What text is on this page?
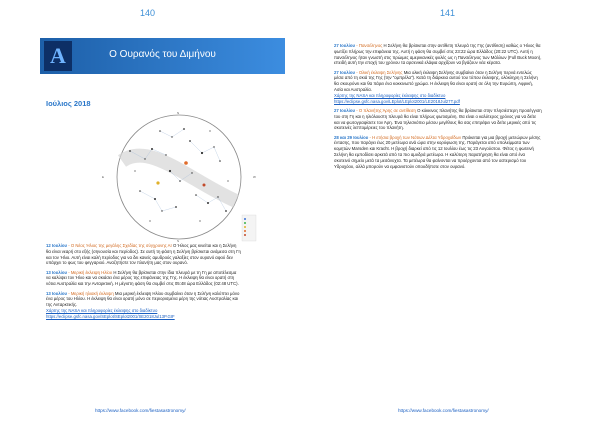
140
A	Ο Ουρανός του Διμήνου
Ιούλιος 2018
N
S
E	W

12 Ιουλίου - Ο Νέος Ήλιος της μεγάλης Σχεδίας της σύγχρονης ΑΙ Ο Ήλιος μας κινείται και η Σελήνη θα είναι νεαρή στο εξής (σηνουσία και περίοδος). Σε αυτή τη φάση η Σελήνη βρίσκεται ανάμεσα στη Γη και τον Ήλιο. Αυτή είναι καλή περίοδος για να δει κανείς αμυδρούς γαλαξίες στον ουρανό αφού δεν υπάρχει το φως του φεγγαριού. Αναζητήστε τον πλανήτη μας στον ουρανό.

13 Ιουλίου - Μερική έκλειψη Ηλίου Η Σελήνη θα βρίσκεται στην ίδια πλευρά με τη Γη με αποτέλεσμα να καλύψει τον Ήλιο και να σκιάσει ένα μέρος της επιφάνειας της Γης. Η έκλειψη θα είναι ορατή στη νότια Αυστραλία και την Ανταρκτική. Η μέγιστη φάση θα συμβεί στις 05:48 ώρα Ελλάδος (02:48 UTC).

13 Ιουλίου - Μερική ηλιακή έκλειψη Μια μερική έκλειψη Ηλίου συμβαίνει όταν η Σελήνη καλύπτει μόνο ένα μέρος του Ηλίου. Η έκλειψη θα είναι ορατή μόνο σε περιορισμένα μέρη της νότιας Αυστραλίας και της Ανταρκτικής.
Χάρτης της NASA και πληροφορίες έκλειψης στο διαδίκτυο
https://eclipse.gsfc.nasa.gov/SEplot/SEplot2001/SE2018Jul13P.GIF

https://www.facebook.com/fiestasastronomy/
141

27 Ιουλίου - Πανσέληνος Η Σελήνη θα βρίσκεται στην αντίθετη πλευρά της Γης (αντίθεση) καθώς ο Ήλιος θα φωτίζει πλήρως την επιφάνεια της. Αυτή η φάση θα συμβεί στις 23:22 ώρα Ελλάδος (20:22 UTC). Αυτή η πανσέληνος ήταν γνωστή στις πρώιμες αμερικανικές φυλές ως η Πανσέληνος των Μάλλων (Full Buck Moon), επειδή αυτή την εποχή του χρόνου τα αρσενικά ελάφια αρχίζουν να βγάζουν νέα κέρατα.

27 Ιουλίου - Ολική έκλειψη Σελήνης Μια ολική έκλειψη Σελήνης συμβαίνει όταν η Σελήνη περνά εντελώς μέσα από τη σκιά της Γης (την "ομπρέλα"). Κατά τη διάρκεια αυτού του τύπου έκλειψης, ολόκληρη η Σελήνη θα σκουρύνει και θα πάρει ένα κοκκινωπό χρώμα. Η έκλειψη θα είναι ορατή σε όλη την Ευρώπη, Αφρική, Ασία και Αυστραλία.
Χάρτης της NASA και πληροφορίες έκλειψης στο διαδίκτυο
https://eclipse.gsfc.nasa.gov/LEplot/LEplot2001/LE2018Jul27T.pdf

27 Ιουλίου - Ο πλανήτης Άρης σε αντίθεση Ο κόκκινος πλανήτης θα βρίσκεται στην πλησιέστερη προσέγγιση του στη Γη και η ηλιόλουστη πλευρά θα είναι πλήρως φωτισμένη. Θα είναι ο καλύτερος χρόνος για να δείτε και να φωτογραφίσετε τον Άρη. Ένα τηλεσκόπιο μέσου μεγέθους θα σας επιτρέψει να δείτε μερικές από τις σκοτεινές λεπτομέρειες του πλανήτη.

28 και 29 Ιουλίου - Η ετήσια βροχή των Νότιων Δέλτα Υδροχοΐδων Πρόκειται για μια βροχή μετεώρων μέσης έντασης, που παράγει έως 20 μετέωρα ανά ώρα στην κορύφωση της. Παράγεται από υπολείμματα των κομητών Marsden και Kracht. Η βροχή διαρκεί από τις 12 Ιουλίου έως τις 23 Αυγούστου. Φέτος η φωτεινή Σελήνη θα εμποδίσει αρκετά από τα πιο αμυδρά μετέωρα. Η καλύτερη παρατήρηση θα είναι από ένα σκοτεινό σημείο μετά τα μεσάνυχτα. Τα μετέωρα θα φαίνονται να προέρχονται από τον αστερισμό του Υδροχόου, αλλά μπορούν να εμφανιστούν οπουδήποτε στον ουρανό.

https://www.facebook.com/fiestasastronomy/
